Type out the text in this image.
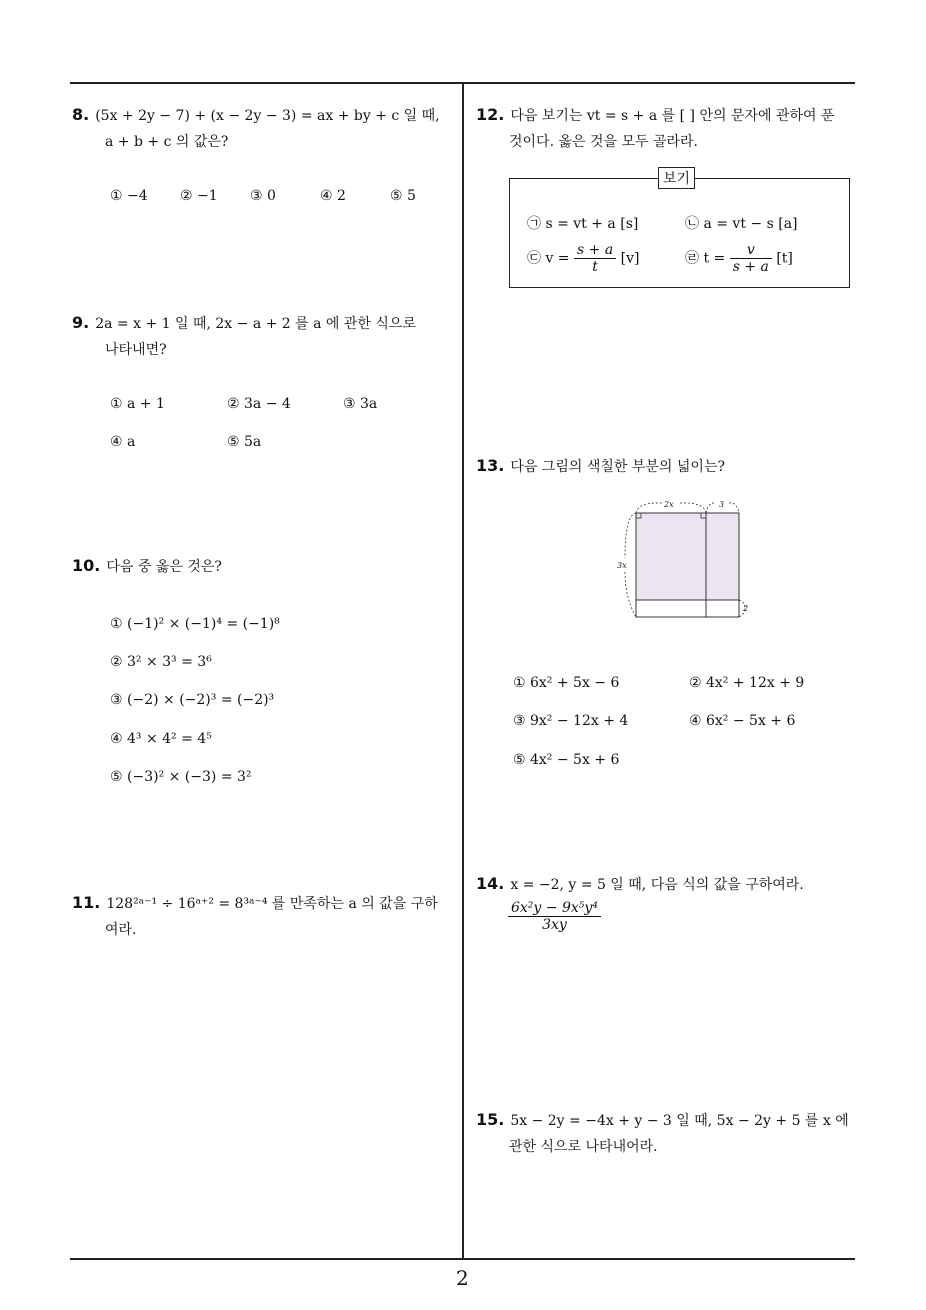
8. (5x + 2y − 7) + (x − 2y − 3) = ax + by + c 일 때,
a + b + c 의 값은?
① −4 ② −1 ③ 0	④ 2	⑤ 5
9. 2a = x + 1 일 때, 2x − a + 2 를 a 에 관한 식으로
나타내면?
① a + 1	② 3a − 4	③ 3a
④ a	⑤ 5a
10. 다음 중 옳은 것은?
① (−1)² × (−1)⁴ = (−1)⁸
② 3² × 3³ = 3⁶
③ (−2) × (−2)³ = (−2)³
④ 4³ × 4² = 4⁵
⑤ (−3)² × (−3) = 3²
11. 128²ᵃ⁻¹ ÷ 16ᵃ⁺² = 8³ᵃ⁻⁴ 를 만족하는 a 의 값을 구하
여라.
12. 다음 보기는 vt = s + a 를 [ ] 안의 문자에 관하여 푼
것이다. 옳은 것을 모두 골라라.
보기
㉠ s = vt + a [s]	㉡ a = vt − s [a]
㉢ $v = \frac{s + a}{t} [v]$	㉣ $t = \frac{v}{s + a} [t]$
13. 다음 그림의 색칠한 부분의 넓이는?
2x	3
3x
2
① 6x² + 5x − 6	② 4x² + 12x + 9
③ 9x² − 12x + 4	④ 6x² − 5x + 6
⑤ 4x² − 5x + 6
14. x = −2, y = 5 일 때, 다음 식의 값을 구하여라.
$\frac{\text{6x²y − 9x⁵y⁴}}{3xy}$
15. 5x − 2y = −4x + y − 3 일 때, 5x − 2y + 5 를 x 에
관한 식으로 나타내어라.
2
